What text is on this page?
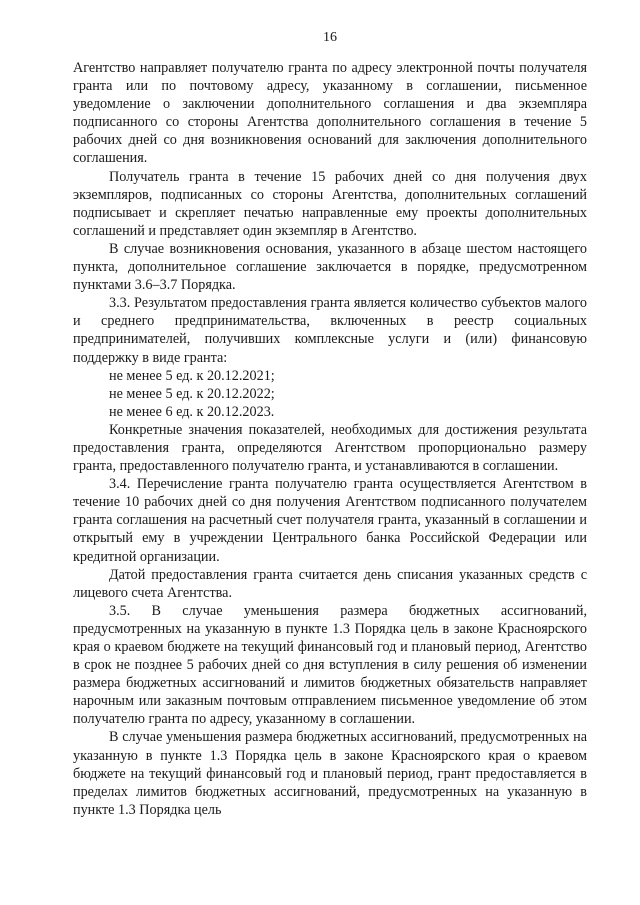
16

Агентство направляет получателю гранта по адресу электронной почты получателя гранта или по почтовому адресу, указанному в соглашении, письменное уведомление о заключении дополнительного соглашения и два экземпляра подписанного со стороны Агентства дополнительного соглашения в течение 5 рабочих дней со дня возникновения оснований для заключения дополнительного соглашения.

Получатель гранта в течение 15 рабочих дней со дня получения двух экземпляров, подписанных со стороны Агентства, дополнительных соглашений подписывает и скрепляет печатью направленные ему проекты дополнительных соглашений и представляет один экземпляр в Агентство.

В случае возникновения основания, указанного в абзаце шестом настоящего пункта, дополнительное соглашение заключается в порядке, предусмотренном пунктами 3.6–3.7 Порядка.

3.3. Результатом предоставления гранта является количество субъектов малого и среднего предпринимательства, включенных в реестр социальных предпринимателей, получивших комплексные услуги и (или) финансовую поддержку в виде гранта:

не менее 5 ед. к 20.12.2021;

не менее 5 ед. к 20.12.2022;

не менее 6 ед. к 20.12.2023.

Конкретные значения показателей, необходимых для достижения результата предоставления гранта, определяются Агентством пропорционально размеру гранта, предоставленного получателю гранта, и устанавливаются в соглашении.

3.4. Перечисление гранта получателю гранта осуществляется Агентством в течение 10 рабочих дней со дня получения Агентством подписанного получателем гранта соглашения на расчетный счет получателя гранта, указанный в соглашении и открытый ему в учреждении Центрального банка Российской Федерации или кредитной организации.

Датой предоставления гранта считается день списания указанных средств с лицевого счета Агентства.

3.5. В случае уменьшения размера бюджетных ассигнований, предусмотренных на указанную в пункте 1.3 Порядка цель в законе Красноярского края о краевом бюджете на текущий финансовый год и плановый период, Агентство в срок не позднее 5 рабочих дней со дня вступления в силу решения об изменении размера бюджетных ассигнований и лимитов бюджетных обязательств направляет нарочным или заказным почтовым отправлением письменное уведомление об этом получателю гранта по адресу, указанному в соглашении.

В случае уменьшения размера бюджетных ассигнований, предусмотренных на указанную в пункте 1.3 Порядка цель в законе Красноярского края о краевом бюджете на текущий финансовый год и плановый период, грант предоставляется в пределах лимитов бюджетных ассигнований, предусмотренных на указанную в пункте 1.3 Порядка цель
